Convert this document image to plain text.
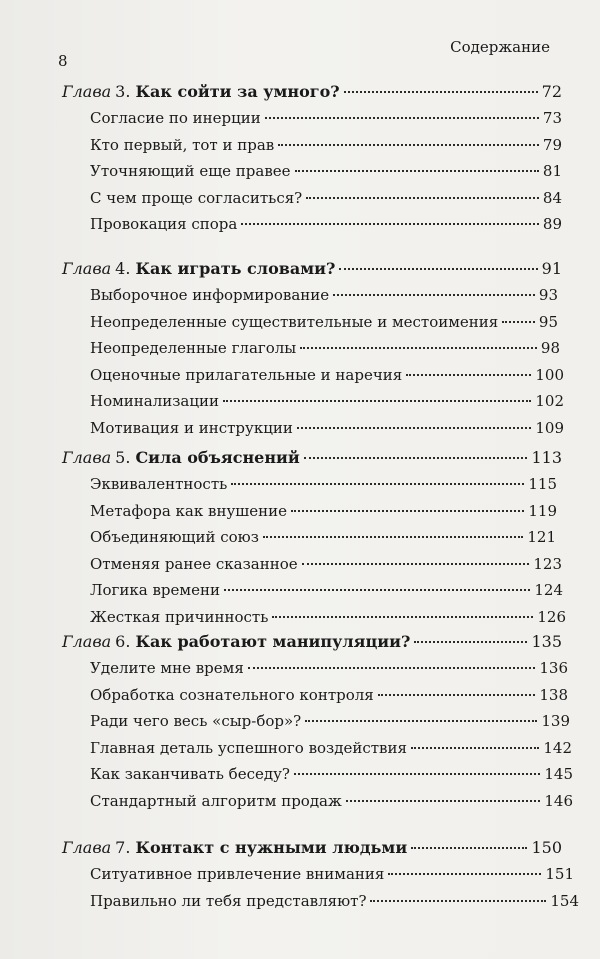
8
Содержание
Глава 3. Как сойти за умного?	72
Согласие по инерции	73
Кто первый, тот и прав	79
Уточняющий еще правее	81
С чем проще согласиться?	84
Провокация спора	89
Глава 4. Как играть словами?	91
Выборочное информирование	93
Неопределенные существительные и местоимения	95
Неопределенные глаголы	98
Оценочные прилагательные и наречия	100
Номинализации	102
Мотивация и инструкции	109
Глава 5. Сила объяснений	113
Эквивалентность	115
Метафора как внушение	119
Объединяющий союз	121
Отменяя ранее сказанное	123
Логика времени	124
Жесткая причинность	126
Глава 6. Как работают манипуляции?	135
Уделите мне время	136
Обработка сознательного контроля	138
Ради чего весь «сыр-бор»?	139
Главная деталь успешного воздействия	142
Как заканчивать беседу?	145
Стандартный алгоритм продаж	146
Глава 7. Контакт с нужными людьми	150
Ситуативное привлечение внимания	151
Правильно ли тебя представляют?	154
